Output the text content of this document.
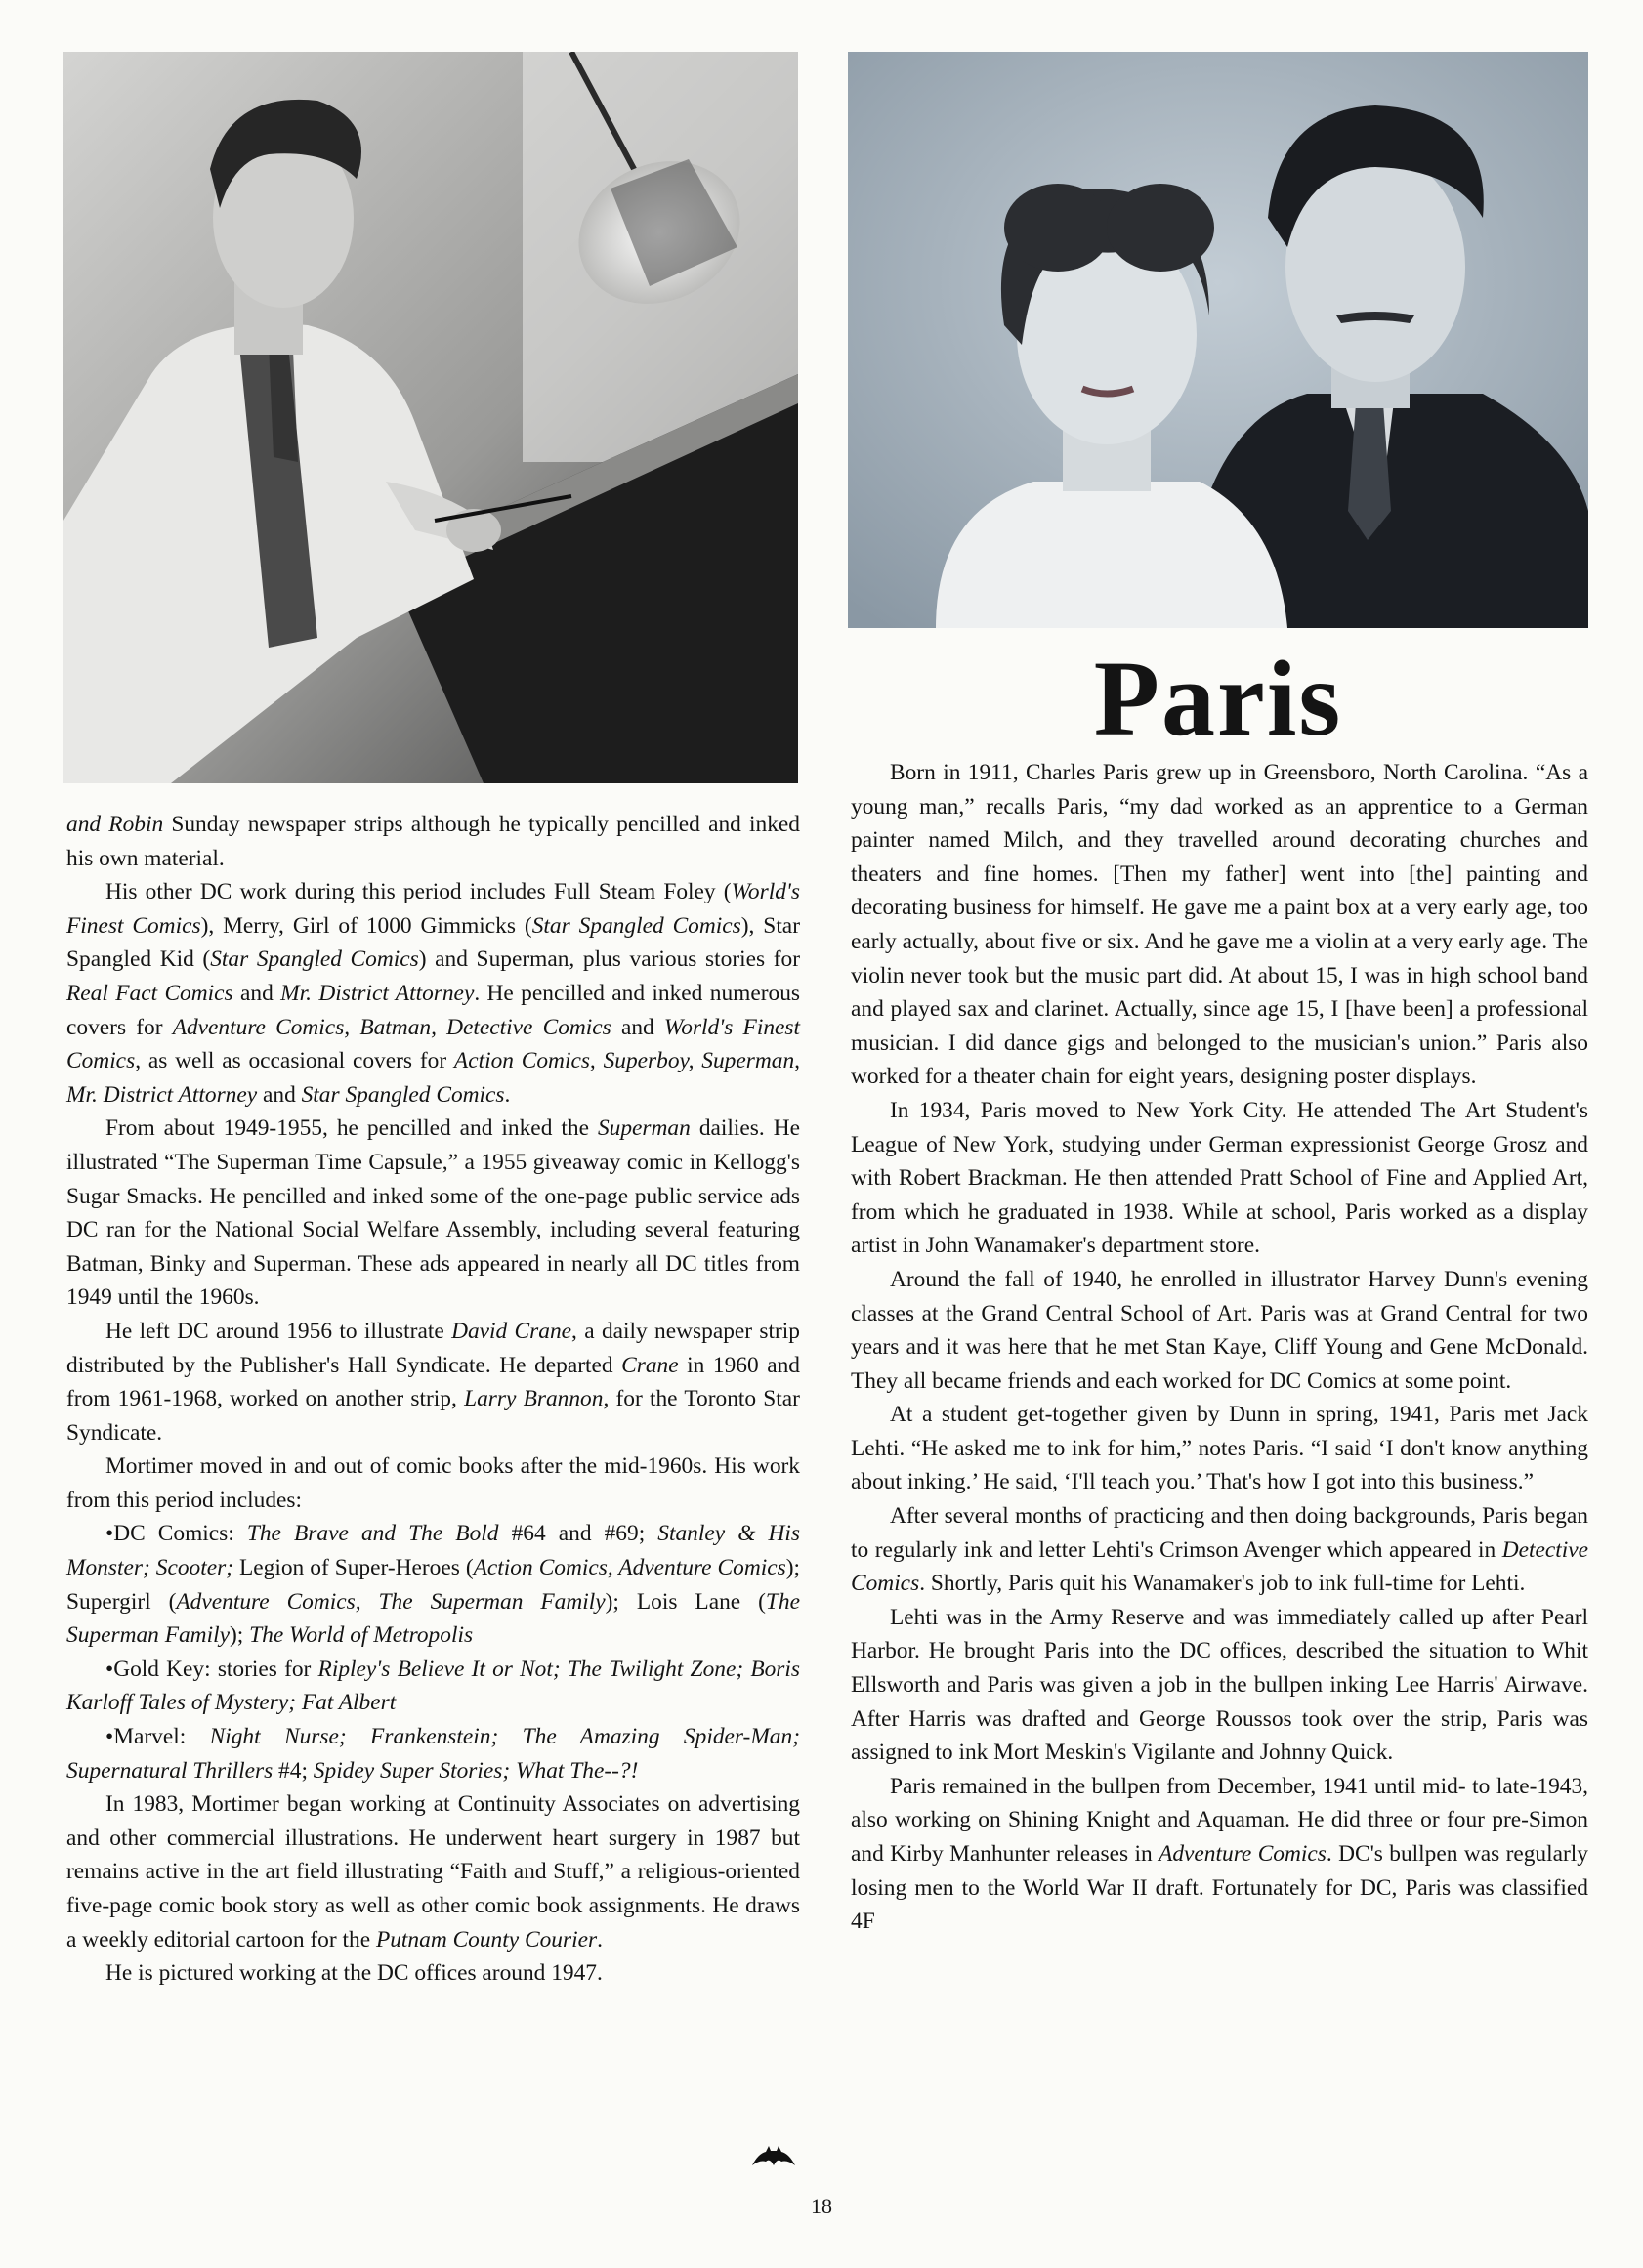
Paris

and Robin Sunday newspaper strips although he typically pencilled and inked his own material.

His other DC work during this period includes Full Steam Foley (World's Finest Comics), Merry, Girl of 1000 Gimmicks (Star Spangled Comics), Star Spangled Kid (Star Spangled Comics) and Superman, plus various stories for Real Fact Comics and Mr. District Attorney. He pencilled and inked numerous covers for Adventure Comics, Batman, Detective Comics and World's Finest Comics, as well as occasional covers for Action Comics, Superboy, Superman, Mr. District Attorney and Star Spangled Comics.

From about 1949-1955, he pencilled and inked the Superman dailies. He illustrated “The Superman Time Capsule,” a 1955 giveaway comic in Kellogg's Sugar Smacks. He pencilled and inked some of the one-page public service ads DC ran for the National Social Welfare Assembly, including several featuring Batman, Binky and Superman. These ads appeared in nearly all DC titles from 1949 until the 1960s.

He left DC around 1956 to illustrate David Crane, a daily newspaper strip distributed by the Publisher's Hall Syndicate. He departed Crane in 1960 and from 1961-1968, worked on another strip, Larry Brannon, for the Toronto Star Syndicate.

Mortimer moved in and out of comic books after the mid-1960s. His work from this period includes:

•DC Comics: The Brave and The Bold #64 and #69; Stanley & His Monster; Scooter; Legion of Super-Heroes (Action Comics, Adventure Comics); Supergirl (Adventure Comics, The Superman Family); Lois Lane (The Superman Family); The World of Metropolis

•Gold Key: stories for Ripley's Believe It or Not; The Twilight Zone; Boris Karloff Tales of Mystery; Fat Albert

•Marvel: Night Nurse; Frankenstein; The Amazing Spider-Man; Supernatural Thrillers #4; Spidey Super Stories; What The--?!

In 1983, Mortimer began working at Continuity Associates on advertising and other commercial illustrations. He underwent heart surgery in 1987 but remains active in the art field illustrating “Faith and Stuff,” a religious-oriented five-page comic book story as well as other comic book assignments. He draws a weekly editorial cartoon for the Putnam County Courier.

He is pictured working at the DC offices around 1947.

Born in 1911, Charles Paris grew up in Greensboro, North Carolina. “As a young man,” recalls Paris, “my dad worked as an apprentice to a German painter named Milch, and they travelled around decorating churches and theaters and fine homes. [Then my father] went into [the] painting and decorating business for himself. He gave me a paint box at a very early age, too early actually, about five or six. And he gave me a violin at a very early age. The violin never took but the music part did. At about 15, I was in high school band and played sax and clarinet. Actually, since age 15, I [have been] a professional musician. I did dance gigs and belonged to the musician's union.” Paris also worked for a theater chain for eight years, designing poster displays.

In 1934, Paris moved to New York City. He attended The Art Student's League of New York, studying under German expressionist George Grosz and with Robert Brackman. He then attended Pratt School of Fine and Applied Art, from which he graduated in 1938. While at school, Paris worked as a display artist in John Wanamaker's department store.

Around the fall of 1940, he enrolled in illustrator Harvey Dunn's evening classes at the Grand Central School of Art. Paris was at Grand Central for two years and it was here that he met Stan Kaye, Cliff Young and Gene McDonald. They all became friends and each worked for DC Comics at some point.

At a student get-together given by Dunn in spring, 1941, Paris met Jack Lehti. “He asked me to ink for him,” notes Paris. “I said ‘I don't know anything about inking.’ He said, ‘I'll teach you.’ That's how I got into this business.”

After several months of practicing and then doing backgrounds, Paris began to regularly ink and letter Lehti's Crimson Avenger which appeared in Detective Comics. Shortly, Paris quit his Wanamaker's job to ink full-time for Lehti.

Lehti was in the Army Reserve and was immediately called up after Pearl Harbor. He brought Paris into the DC offices, described the situation to Whit Ellsworth and Paris was given a job in the bullpen inking Lee Harris' Airwave. After Harris was drafted and George Roussos took over the strip, Paris was assigned to ink Mort Meskin's Vigilante and Johnny Quick.

Paris remained in the bullpen from December, 1941 until mid- to late-1943, also working on Shining Knight and Aquaman. He did three or four pre-Simon and Kirby Manhunter releases in Adventure Comics. DC's bullpen was regularly losing men to the World War II draft. Fortunately for DC, Paris was classified 4F

18
